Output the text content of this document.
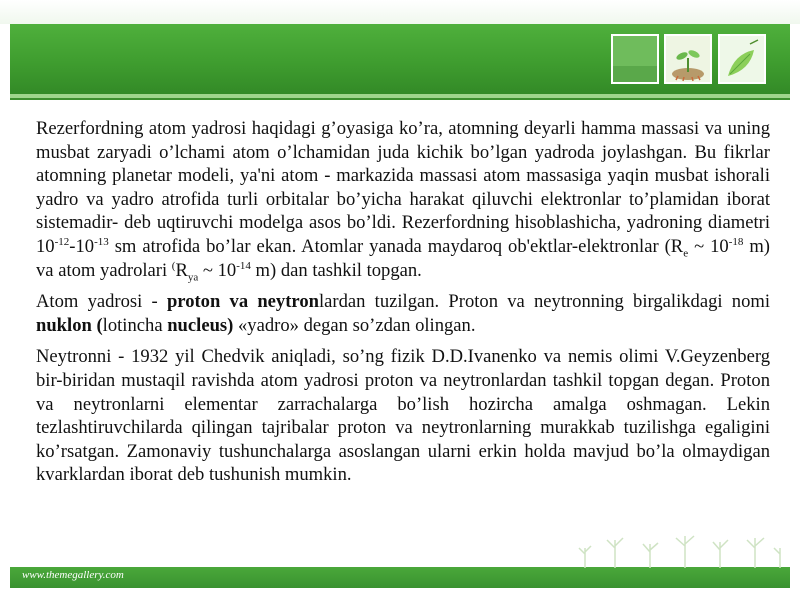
Rezerfordning atom yadrosi haqidagi g’oyasiga ko’ra, atomning deyarli hamma massasi va uning musbat zaryadi o’lchami atom o’lchamidan juda kichik bo’lgan yadroda joylashgan. Bu fikrlar atomning planetar modeli, ya'ni atom - markazida massasi atom massasiga yaqin musbat ishorali yadro va yadro atrofida turli orbitalar bo’yicha harakat qiluvchi elektronlar to’plamidan iborat sistemadir- deb uqtiruvchi modelga asos bo’ldi. Rezerfordning hisoblashicha, yadroning diametri $10^{-12}-10^{-13}$ sm atrofida bo’lar ekan. Atomlar yanada maydaroq ob'ektlar-elektronlar ($R_e$ ~ $10^{-18}$ m) va atom yadrolari $^(R_{ya}$ ~ $10^{-14}$ m) dan tashkil topgan.

Atom yadrosi - proton va neytronlardan tuzilgan. Proton va neytronning birgalikdagi nomi nuklon (lotincha nucleus) «yadro» degan so’zdan olingan.

Neytronni - 1932 yil Chedvik aniqladi, so’ng fizik D.D.Ivanenko va nemis olimi V.Geyzenberg bir-biridan mustaqil ravishda atom yadrosi proton va neytronlardan tashkil topgan degan. Proton va neytronlarni elementar zarrachalarga bo’lish hozircha amalga oshmagan. Lekin tezlashtiruvchilarda qilingan tajribalar proton va neytronlarning murakkab tuzilishga egaligini ko’rsatgan. Zamonaviy tushunchalarga asoslangan ularni erkin holda mavjud bo’la olmaydigan kvarklardan iborat deb tushunish mumkin.

www.themegallery.com
